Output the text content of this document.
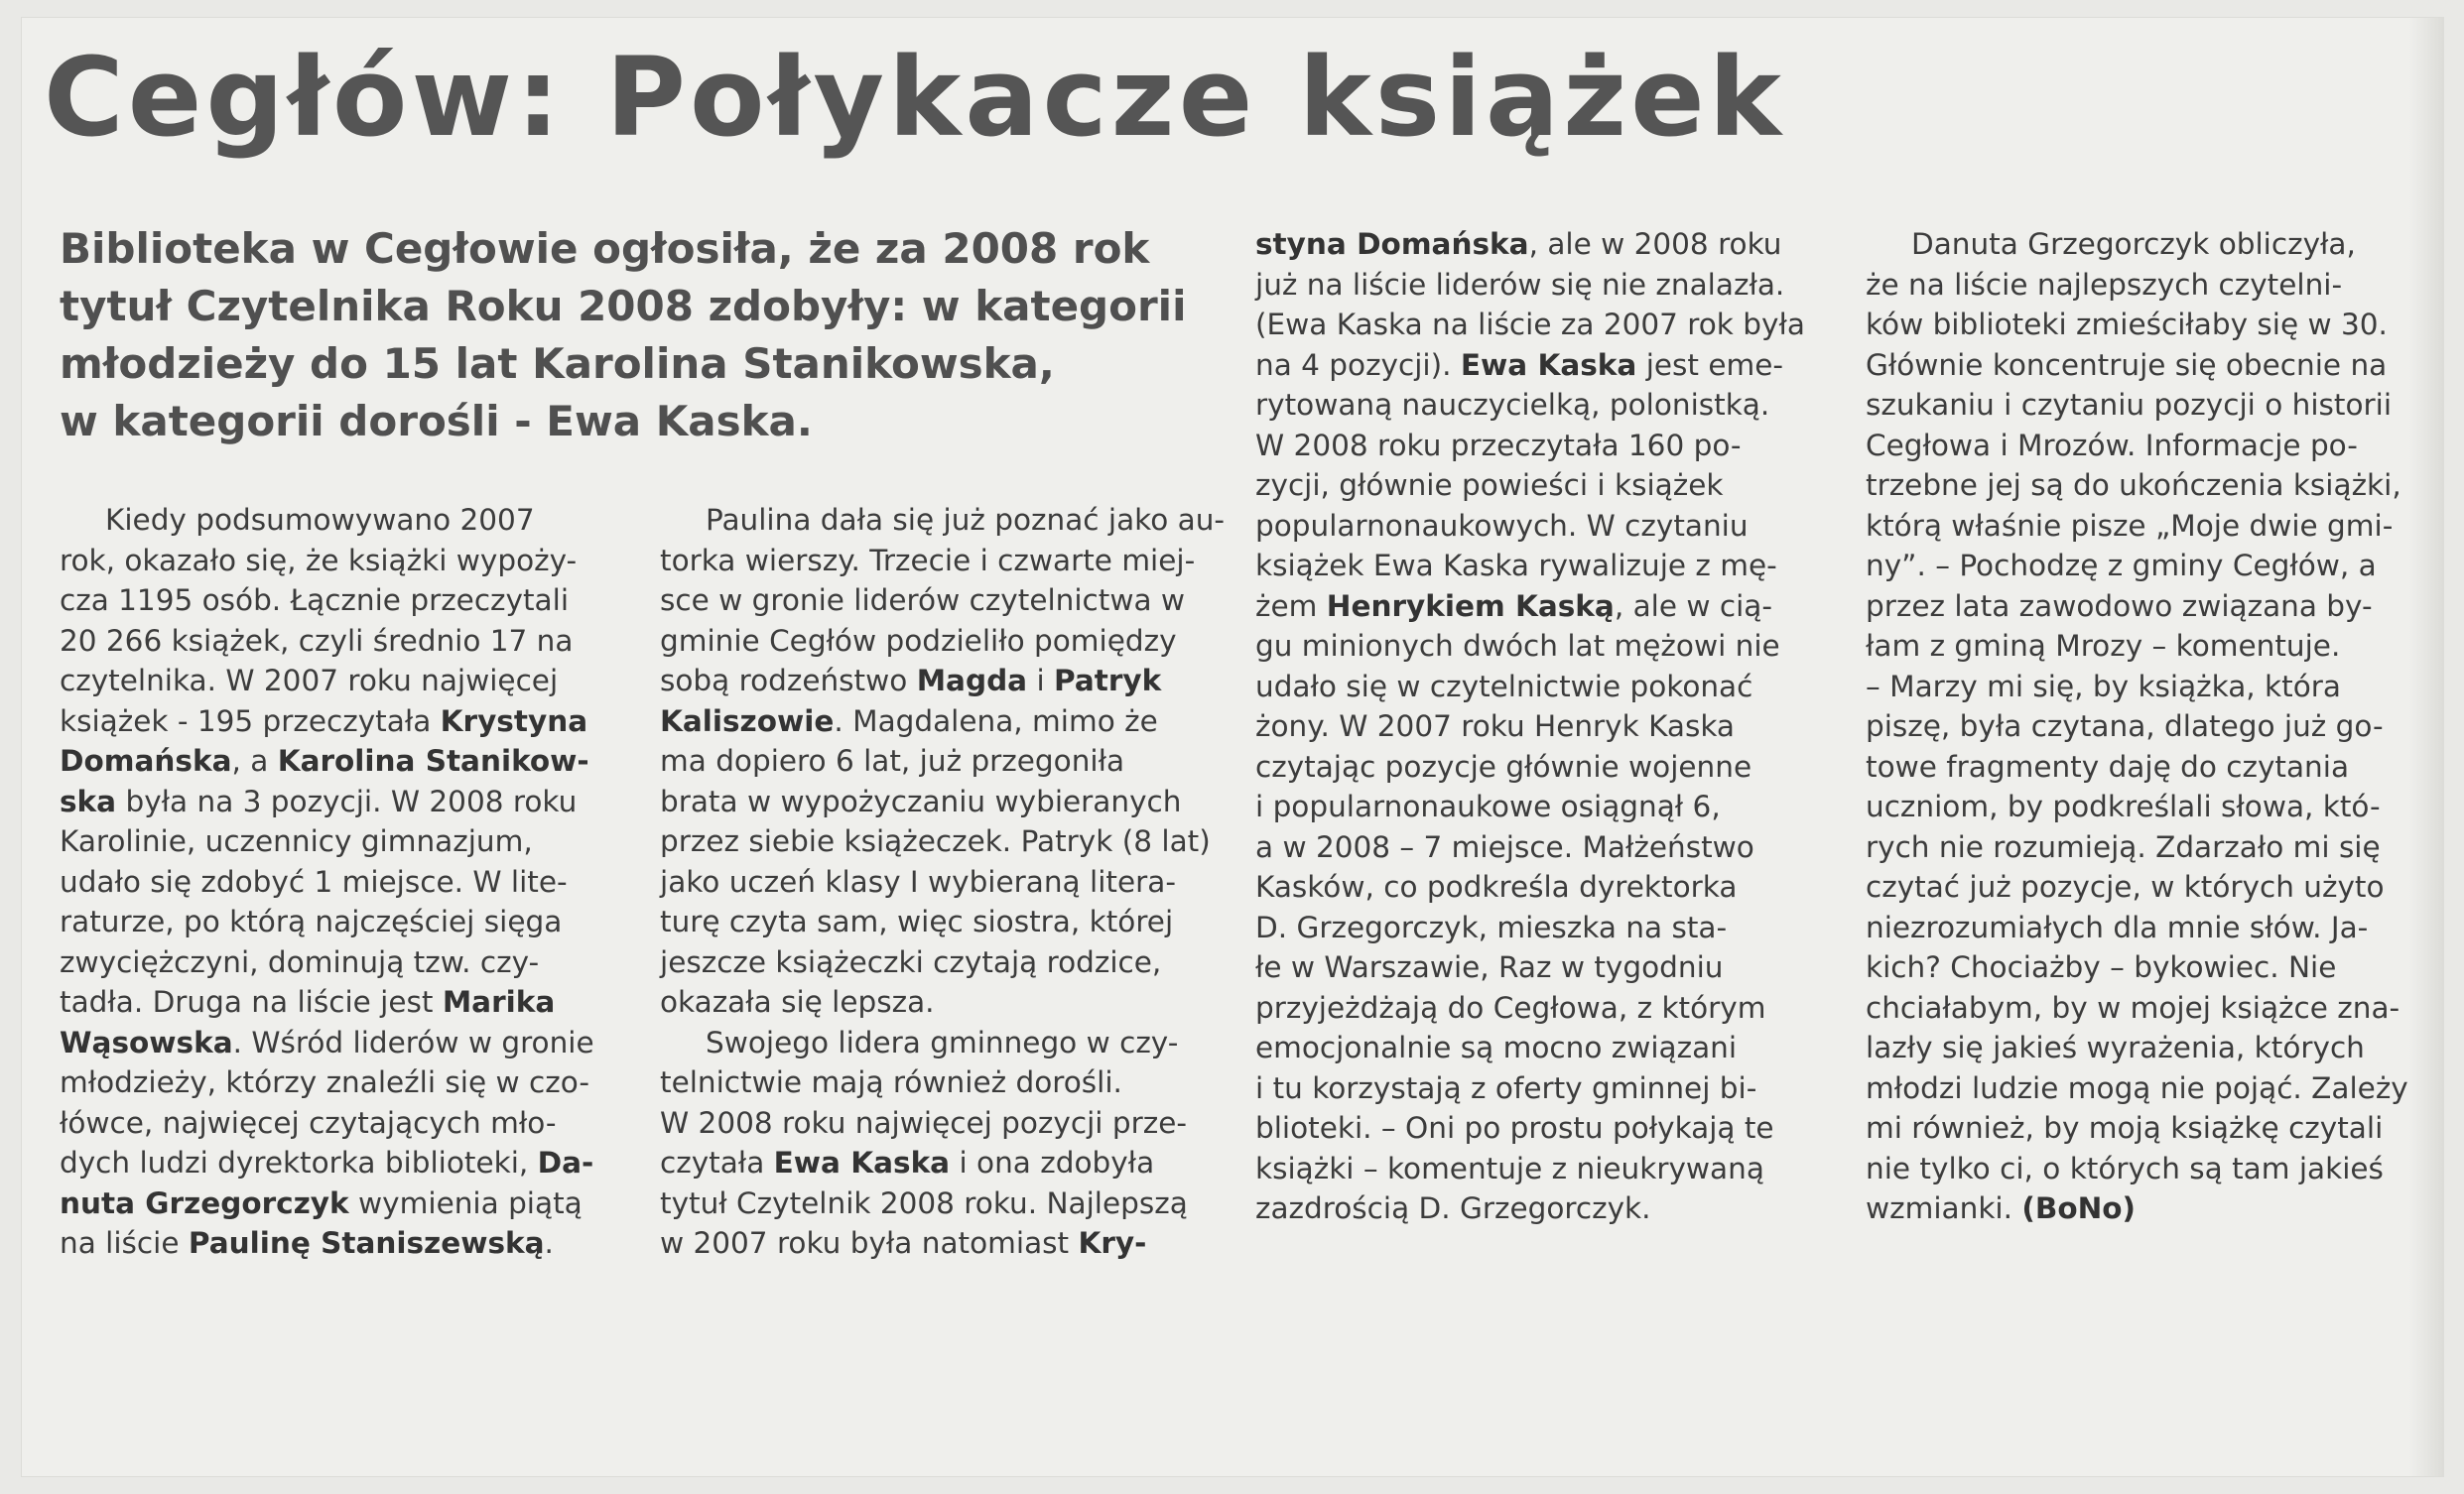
Cegłów: Połykacze książek

Biblioteka w Cegłowie ogłosiła, że za 2008 rok

tytuł Czytelnika Roku 2008 zdobyły: w kategorii

młodzieży do 15 lat Karolina Stanikowska,

w kategorii dorośli - Ewa Kaska.

Kiedy podsumowywano 2007

rok, okazało się, że książki wypoży-

cza 1195 osób. Łącznie przeczytali

20 266 książek, czyli średnio 17 na

czytelnika. W 2007 roku najwięcej

książek - 195 przeczytała Krystyna

Domańska, a Karolina Stanikow-

ska była na 3 pozycji. W 2008 roku

Karolinie, uczennicy gimnazjum,

udało się zdobyć 1 miejsce. W lite-

raturze, po którą najczęściej sięga

zwyciężczyni, dominują tzw. czy-

tadła. Druga na liście jest Marika

Wąsowska. Wśród liderów w gronie

młodzieży, którzy znaleźli się w czo-

łówce, najwięcej czytających mło-

dych ludzi dyrektorka biblioteki, Da-

nuta Grzegorczyk wymienia piątą

na liście Paulinę Staniszewską.

Paulina dała się już poznać jako au-

torka wierszy. Trzecie i czwarte miej-

sce w gronie liderów czytelnictwa w

gminie Cegłów podzieliło pomiędzy

sobą rodzeństwo Magda i Patryk

Kaliszowie. Magdalena, mimo że

ma dopiero 6 lat, już przegoniła

brata w wypożyczaniu wybieranych

przez siebie książeczek. Patryk (8 lat)

jako uczeń klasy I wybieraną litera-

turę czyta sam, więc siostra, której

jeszcze książeczki czytają rodzice,

okazała się lepsza.

Swojego lidera gminnego w czy-

telnictwie mają również dorośli.

W 2008 roku najwięcej pozycji prze-

czytała Ewa Kaska i ona zdobyła

tytuł Czytelnik 2008 roku. Najlepszą

w 2007 roku była natomiast Kry-

styna Domańska, ale w 2008 roku

już na liście liderów się nie znalazła.

(Ewa Kaska na liście za 2007 rok była

na 4 pozycji). Ewa Kaska jest eme-

rytowaną nauczycielką, polonistką.

W 2008 roku przeczytała 160 po-

zycji, głównie powieści i książek

popularnonaukowych. W czytaniu

książek Ewa Kaska rywalizuje z mę-

żem Henrykiem Kaską, ale w cią-

gu minionych dwóch lat mężowi nie

udało się w czytelnictwie pokonać

żony. W 2007 roku Henryk Kaska

czytając pozycje głównie wojenne

i popularnonaukowe osiągnął 6,

a w 2008 – 7 miejsce. Małżeństwo

Kasków, co podkreśla dyrektorka

D. Grzegorczyk, mieszka na sta-

łe w Warszawie, Raz w tygodniu

przyjeżdżają do Cegłowa, z którym

emocjonalnie są mocno związani

i tu korzystają z oferty gminnej bi-

blioteki. – Oni po prostu połykają te

książki – komentuje z nieukrywaną

zazdrością D. Grzegorczyk.

Danuta Grzegorczyk obliczyła,

że na liście najlepszych czytelni-

ków biblioteki zmieściłaby się w 30.

Głównie koncentruje się obecnie na

szukaniu i czytaniu pozycji o historii

Cegłowa i Mrozów. Informacje po-

trzebne jej są do ukończenia książki,

którą właśnie pisze „Moje dwie gmi-

ny”. – Pochodzę z gminy Cegłów, a

przez lata zawodowo związana by-

łam z gminą Mrozy – komentuje.

– Marzy mi się, by książka, która

piszę, była czytana, dlatego już go-

towe fragmenty daję do czytania

uczniom, by podkreślali słowa, któ-

rych nie rozumieją. Zdarzało mi się

czytać już pozycje, w których użyto

niezrozumiałych dla mnie słów. Ja-

kich? Chociażby – bykowiec. Nie

chciałabym, by w mojej książce zna-

lazły się jakieś wyrażenia, których

młodzi ludzie mogą nie pojąć. Zależy

mi również, by moją książkę czytali

nie tylko ci, o których są tam jakieś

wzmianki. (BoNo)
